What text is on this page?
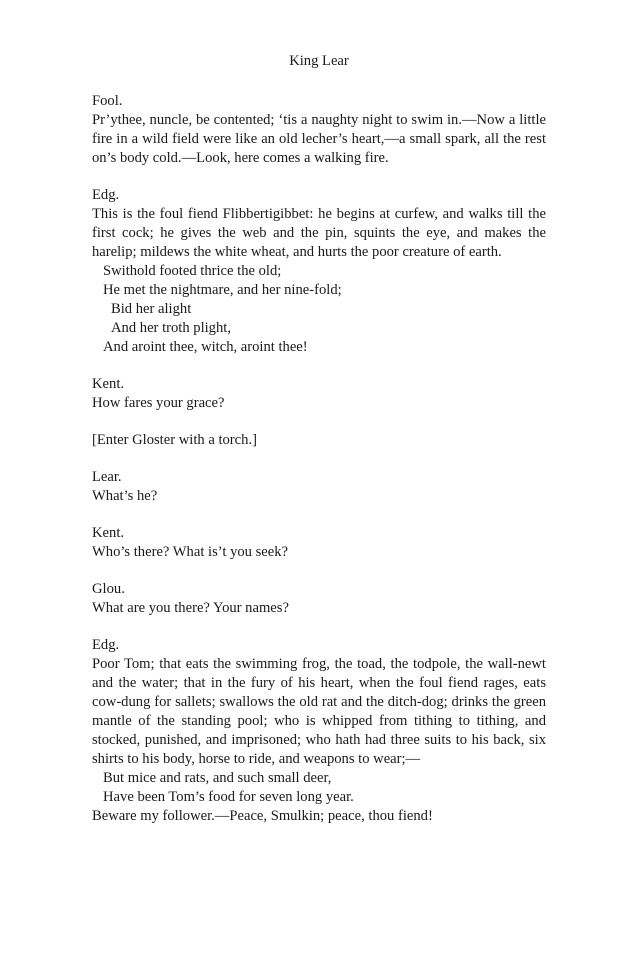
King Lear
Fool.

Pr’ythee, nuncle, be contented; ‘tis a naughty night to swim in.—Now a little fire in a wild field were like an old lecher’s heart,—a small spark, all the rest on’s body cold.—Look, here comes a walking fire.

Edg.

This is the foul fiend Flibbertigibbet: he begins at curfew, and walks till the first cock; he gives the web and the pin, squints the eye, and makes the harelip; mildews the white wheat, and hurts the poor creature of earth.

Swithold footed thrice the old;

He met the nightmare, and her nine-fold;

Bid her alight

And her troth plight,

And aroint thee, witch, aroint thee!

Kent.

How fares your grace?

[Enter Gloster with a torch.]
Lear.

What’s he?

Kent.

Who’s there? What is’t you seek?

Glou.

What are you there? Your names?

Edg.

Poor Tom; that eats the swimming frog, the toad, the todpole, the wall-newt and the water; that in the fury of his heart, when the foul fiend rages, eats cow-dung for sallets; swallows the old rat and the ditch-dog; drinks the green mantle of the standing pool; who is whipped from tithing to tithing, and stocked, punished, and imprisoned; who hath had three suits to his back, six shirts to his body, horse to ride, and weapons to wear;—

But mice and rats, and such small deer,

Have been Tom’s food for seven long year.

Beware my follower.—Peace, Smulkin; peace, thou fiend!
